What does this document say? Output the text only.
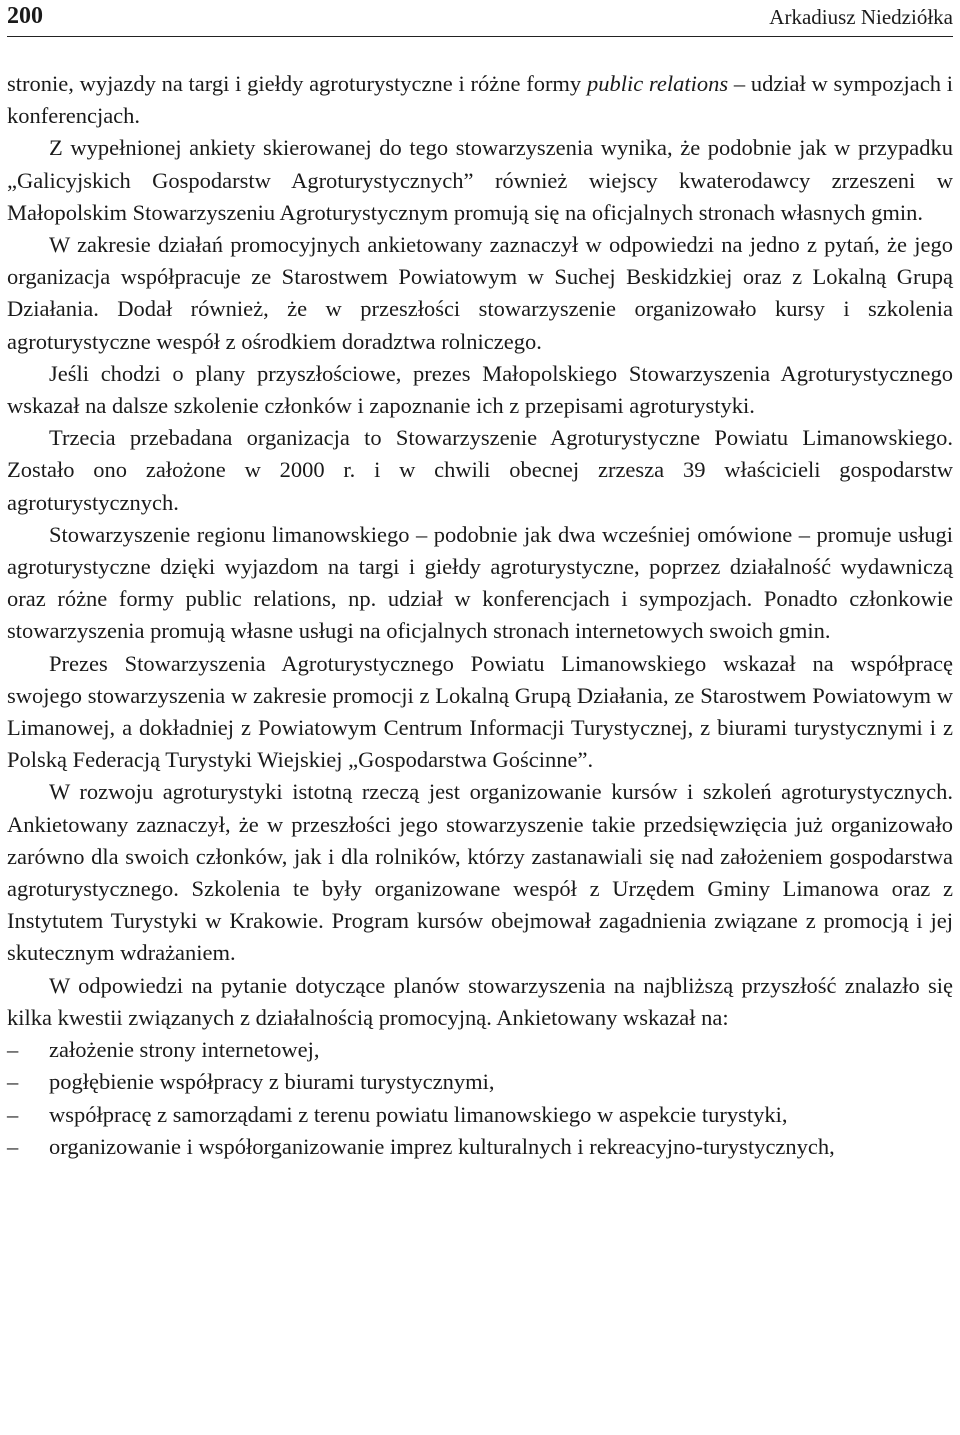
200	Arkadiusz Niedziółka

stronie, wyjazdy na targi i giełdy agroturystyczne i różne formy public relations – udział w sympozjach i konferencjach.

Z wypełnionej ankiety skierowanej do tego stowarzyszenia wynika, że podobnie jak w przypadku „Galicyjskich Gospodarstw Agroturystycznych” również wiejscy kwaterodawcy zrzeszeni w Małopolskim Stowarzyszeniu Agroturystycznym promują się na oficjalnych stronach własnych gmin.

W zakresie działań promocyjnych ankietowany zaznaczył w odpowiedzi na jedno z pytań, że jego organizacja współpracuje ze Starostwem Powiatowym w Suchej Beskidzkiej oraz z Lokalną Grupą Działania. Dodał również, że w przeszłości stowarzyszenie organizowało kursy i szkolenia agroturystyczne wespół z ośrodkiem doradztwa rolniczego.

Jeśli chodzi o plany przyszłościowe, prezes Małopolskiego Stowarzyszenia Agroturystycznego wskazał na dalsze szkolenie członków i zapoznanie ich z przepisami agroturystyki.

Trzecia przebadana organizacja to Stowarzyszenie Agroturystyczne Powiatu Limanowskiego. Zostało ono założone w 2000 r. i w chwili obecnej zrzesza 39 właścicieli gospodarstw agroturystycznych.

Stowarzyszenie regionu limanowskiego – podobnie jak dwa wcześniej omówione – promuje usługi agroturystyczne dzięki wyjazdom na targi i giełdy agroturystyczne, poprzez działalność wydawniczą oraz różne formy public relations, np. udział w konferencjach i sympozjach. Ponadto członkowie stowarzyszenia promują własne usługi na oficjalnych stronach internetowych swoich gmin.

Prezes Stowarzyszenia Agroturystycznego Powiatu Limanowskiego wskazał na współpracę swojego stowarzyszenia w zakresie promocji z Lokalną Grupą Działania, ze Starostwem Powiatowym w Limanowej, a dokładniej z Powiatowym Centrum Informacji Turystycznej, z biurami turystycznymi i z Polską Federacją Turystyki Wiejskiej „Gospodarstwa Gościnne”.

W rozwoju agroturystyki istotną rzeczą jest organizowanie kursów i szkoleń agroturystycznych. Ankietowany zaznaczył, że w przeszłości jego stowarzyszenie takie przedsięwzięcia już organizowało zarówno dla swoich członków, jak i dla rolników, którzy zastanawiali się nad założeniem gospodarstwa agroturystycznego. Szkolenia te były organizowane wespół z Urzędem Gminy Limanowa oraz z Instytutem Turystyki w Krakowie. Program kursów obejmował zagadnienia związane z promocją i jej skutecznym wdrażaniem.

W odpowiedzi na pytanie dotyczące planów stowarzyszenia na najbliższą przyszłość znalazło się kilka kwestii związanych z działalnością promocyjną. Ankietowany wskazał na:

– założenie strony internetowej,
– pogłębienie współpracy z biurami turystycznymi,
– współpracę z samorządami z terenu powiatu limanowskiego w aspekcie turystyki,
– organizowanie i współorganizowanie imprez kulturalnych i rekreacyjno-turystycznych,
